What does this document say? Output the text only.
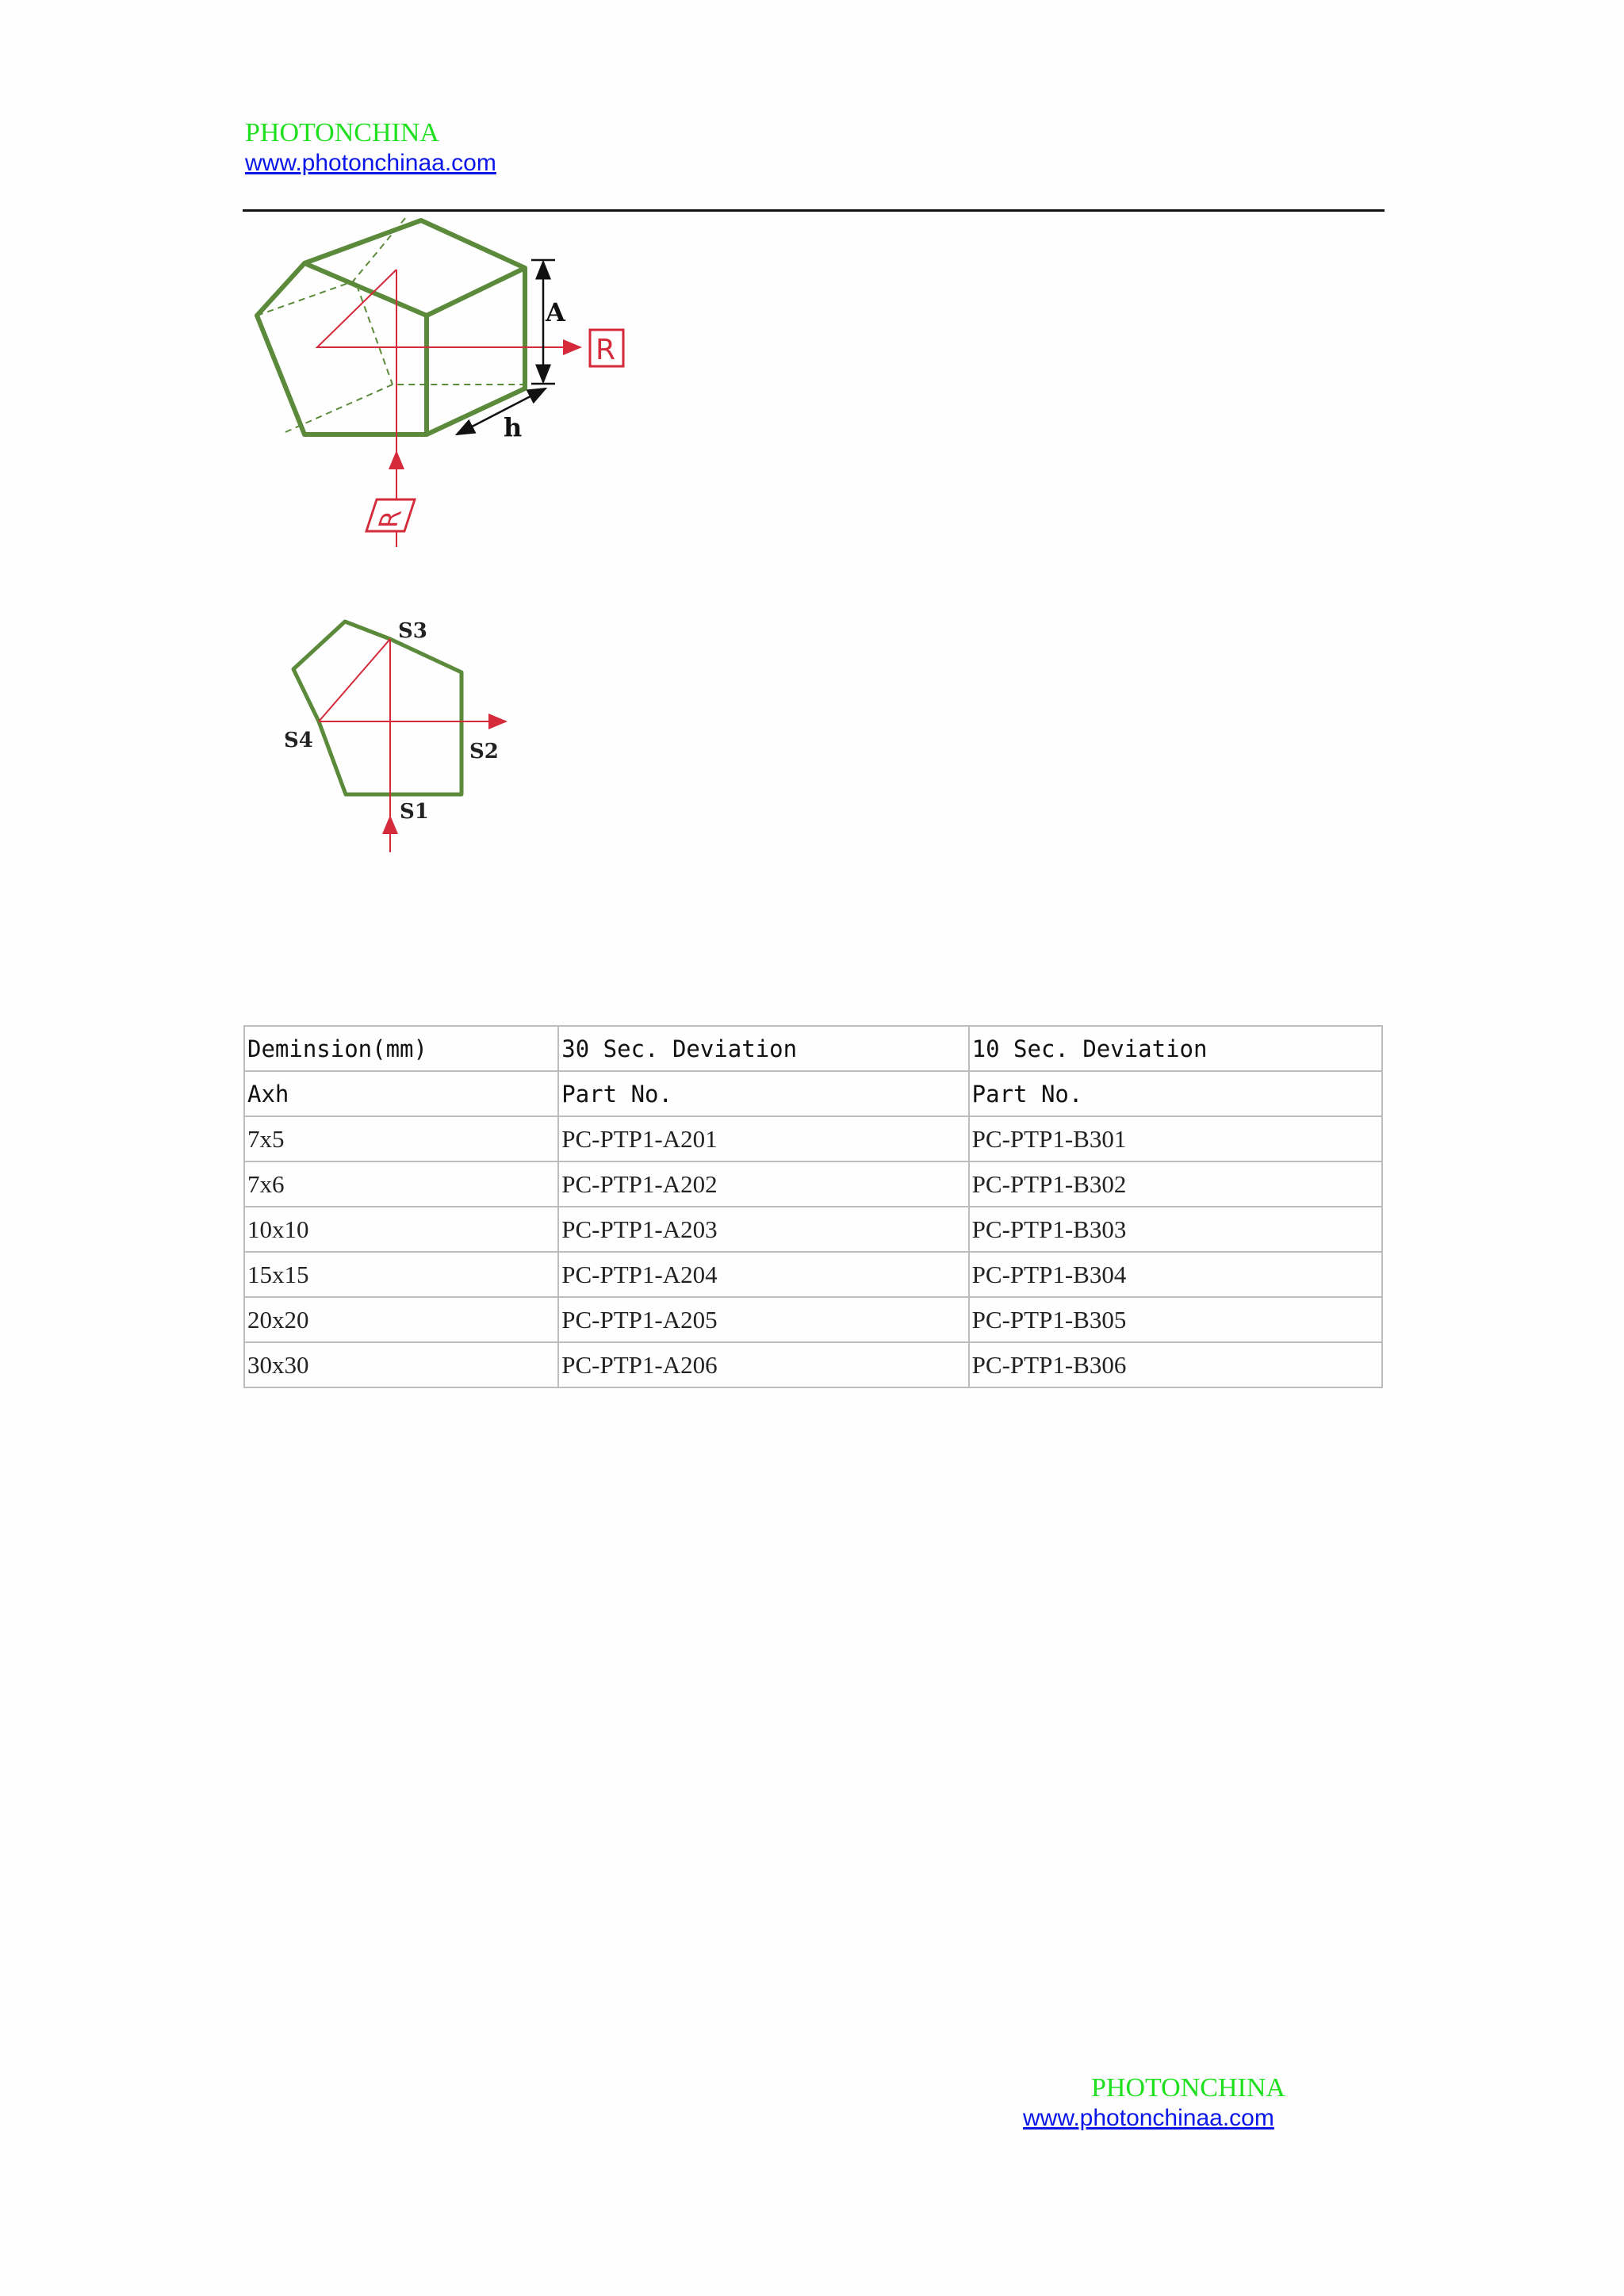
PHOTONCHINA
www.photonchinaa.com
A
h
R
R
S3
S2
S4
S1
Deminsion(mm)	30 Sec. Deviation	10 Sec. Deviation
Axh	Part No.	Part No.
7x5	PC-PTP1-A201	PC-PTP1-B301
7x6	PC-PTP1-A202	PC-PTP1-B302
10x10	PC-PTP1-A203	PC-PTP1-B303
15x15	PC-PTP1-A204	PC-PTP1-B304
20x20	PC-PTP1-A205	PC-PTP1-B305
30x30	PC-PTP1-A206	PC-PTP1-B306
PHOTONCHINA
www.photonchinaa.com
